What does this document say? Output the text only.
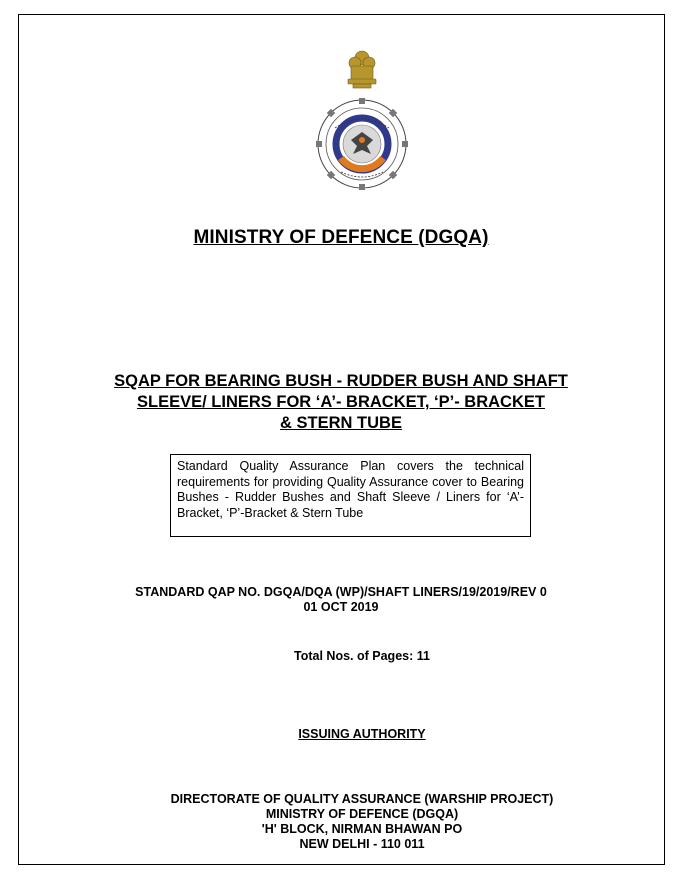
MINISTRY OF DEFENCE (DGQA)
SQAP FOR BEARING BUSH - RUDDER BUSH AND SHAFT
SLEEVE/ LINERS FOR ‘A’- BRACKET, ‘P’- BRACKET
& STERN TUBE
Standard Quality Assurance Plan covers the technical requirements for providing Quality Assurance cover to Bearing Bushes - Rudder Bushes and Shaft Sleeve / Liners for ‘A’-Bracket, ‘P’-Bracket & Stern Tube
STANDARD QAP NO. DGQA/DQA (WP)/SHAFT LINERS/19/2019/REV 0
01 OCT 2019
Total Nos. of Pages: 11
ISSUING AUTHORITY
DIRECTORATE OF QUALITY ASSURANCE (WARSHIP PROJECT)
MINISTRY OF DEFENCE (DGQA)
'H' BLOCK, NIRMAN BHAWAN PO
NEW DELHI - 110 011
